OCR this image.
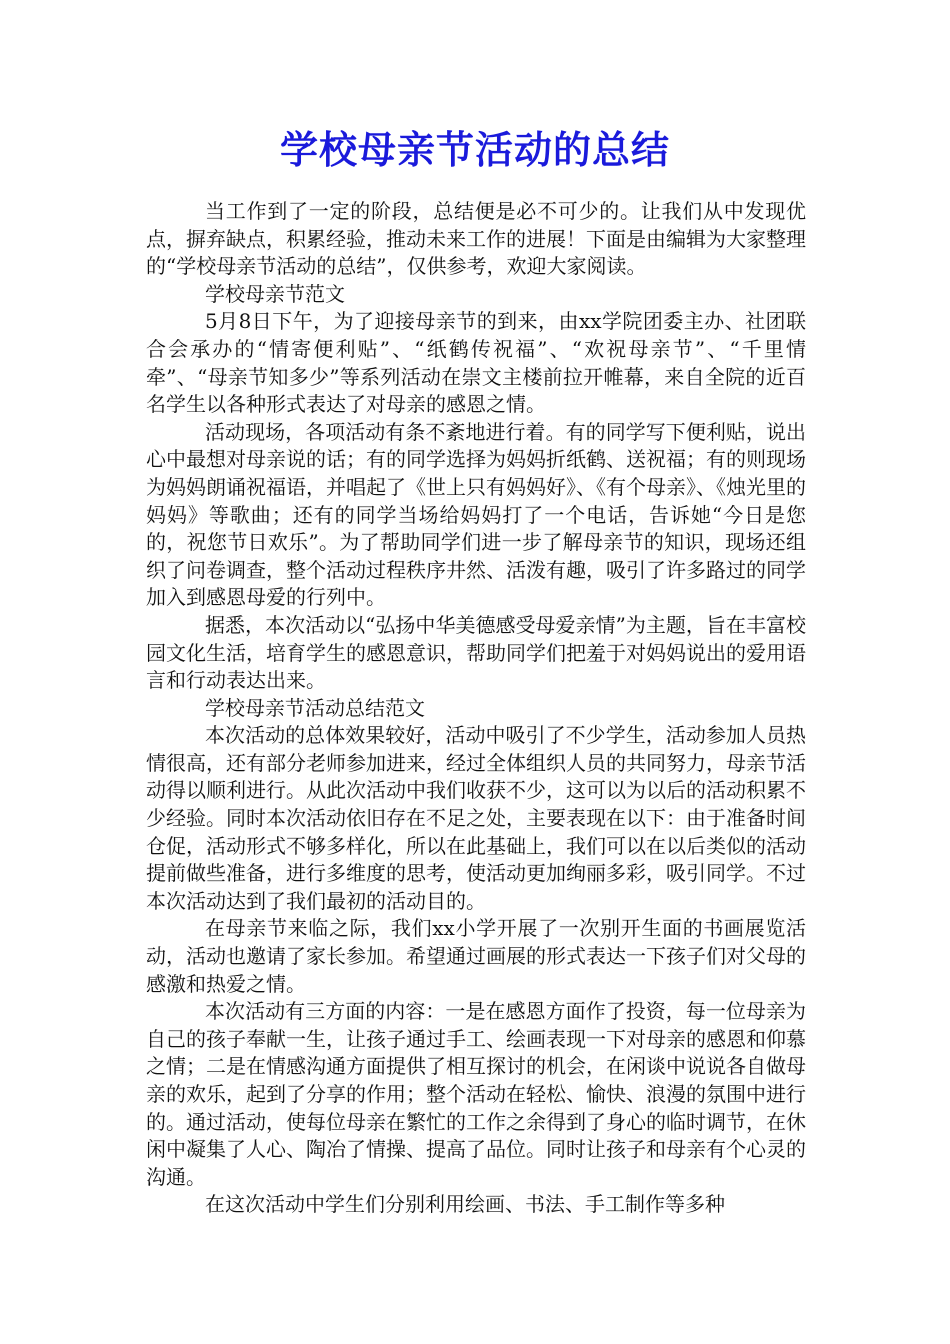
学校母亲节活动的总结

当工作到了一定的阶段，总结便是必不可少的。让我们从中发现优点，摒弃缺点，积累经验，推动未来工作的进展！下面是由编辑为大家整理的“学校母亲节活动的总结”，仅供参考，欢迎大家阅读。

学校母亲节范文

5月8日下午，为了迎接母亲节的到来，由xx学院团委主办、社团联合会承办的“情寄便利贴”、“纸鹤传祝福”、“欢祝母亲节”、“千里情牵”、“母亲节知多少”等系列活动在崇文主楼前拉开帷幕，来自全院的近百名学生以各种形式表达了对母亲的感恩之情。

活动现场，各项活动有条不紊地进行着。有的同学写下便利贴，说出心中最想对母亲说的话；有的同学选择为妈妈折纸鹤、送祝福；有的则现场为妈妈朗诵祝福语，并唱起了《世上只有妈妈好》、《有个母亲》、《烛光里的妈妈》等歌曲；还有的同学当场给妈妈打了一个电话，告诉她“今日是您的，祝您节日欢乐”。为了帮助同学们进一步了解母亲节的知识，现场还组织了问卷调查，整个活动过程秩序井然、活泼有趣，吸引了许多路过的同学加入到感恩母爱的行列中。

据悉，本次活动以“弘扬中华美德感受母爱亲情”为主题，旨在丰富校园文化生活，培育学生的感恩意识，帮助同学们把羞于对妈妈说出的爱用语言和行动表达出来。

学校母亲节活动总结范文

本次活动的总体效果较好，活动中吸引了不少学生，活动参加人员热情很高，还有部分老师参加进来，经过全体组织人员的共同努力，母亲节活动得以顺利进行。从此次活动中我们收获不少，这可以为以后的活动积累不少经验。同时本次活动依旧存在不足之处，主要表现在以下：由于准备时间仓促，活动形式不够多样化，所以在此基础上，我们可以在以后类似的活动提前做些准备，进行多维度的思考，使活动更加绚丽多彩，吸引同学。不过本次活动达到了我们最初的活动目的。

在母亲节来临之际，我们xx小学开展了一次别开生面的书画展览活动，活动也邀请了家长参加。希望通过画展的形式表达一下孩子们对父母的感激和热爱之情。

本次活动有三方面的内容：一是在感恩方面作了投资，每一位母亲为自己的孩子奉献一生，让孩子通过手工、绘画表现一下对母亲的感恩和仰慕之情；二是在情感沟通方面提供了相互探讨的机会，在闲谈中说说各自做母亲的欢乐，起到了分享的作用；整个活动在轻松、愉快、浪漫的氛围中进行的。通过活动，使每位母亲在繁忙的工作之余得到了身心的临时调节，在休闲中凝集了人心、陶冶了情操、提高了品位。同时让孩子和母亲有个心灵的沟通。

在这次活动中学生们分别利用绘画、书法、手工制作等多种
